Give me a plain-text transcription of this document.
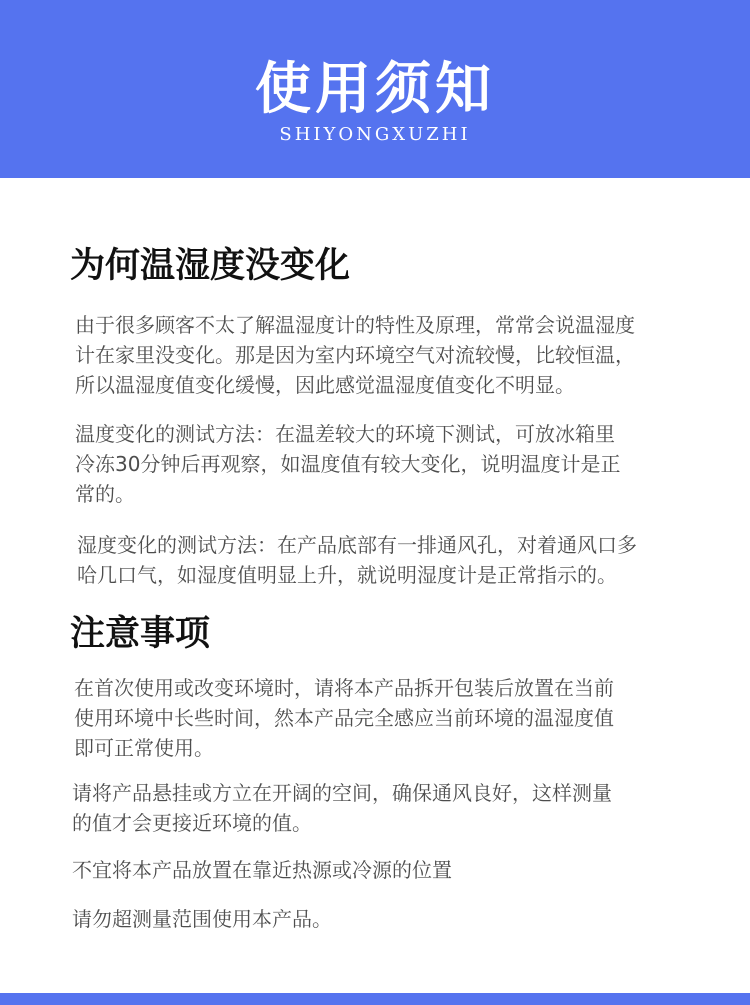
使用须知
SHIYONGXUZHI
为何温湿度没变化
由于很多顾客不太了解温湿度计的特性及原理，常常会说温湿度
计在家里没变化。那是因为室内环境空气对流较慢，比较恒温，
所以温湿度值变化缓慢，因此感觉温湿度值变化不明显。
温度变化的测试方法：在温差较大的环境下测试，可放冰箱里
冷冻30分钟后再观察，如温度值有较大变化，说明温度计是正
常的。
湿度变化的测试方法：在产品底部有一排通风孔，对着通风口多
哈几口气，如湿度值明显上升，就说明湿度计是正常指示的。
注意事项
在首次使用或改变环境时，请将本产品拆开包装后放置在当前
使用环境中长些时间，然本产品完全感应当前环境的温湿度值
即可正常使用。
请将产品悬挂或方立在开阔的空间，确保通风良好，这样测量
的值才会更接近环境的值。
不宜将本产品放置在靠近热源或冷源的位置
请勿超测量范围使用本产品。
